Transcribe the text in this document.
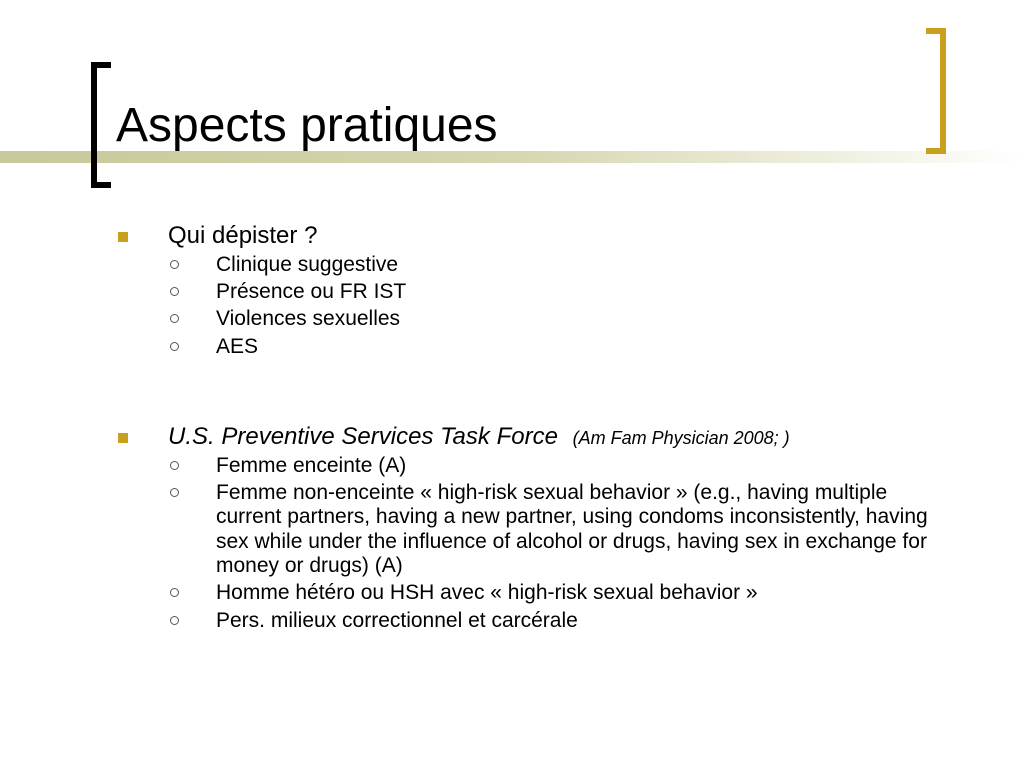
Aspects pratiques
Qui dépister ?
Clinique suggestive
Présence ou FR IST
Violences sexuelles
AES
U.S. Preventive Services Task Force (Am Fam Physician 2008; )
Femme enceinte (A)
Femme non-enceinte « high-risk sexual behavior » (e.g., having multiple current partners, having a new partner, using condoms inconsistently, having sex while under the influence of alcohol or drugs, having sex in exchange for money or drugs) (A)
Homme hétéro ou HSH avec « high-risk sexual behavior »
Pers. milieux correctionnel et carcérale
